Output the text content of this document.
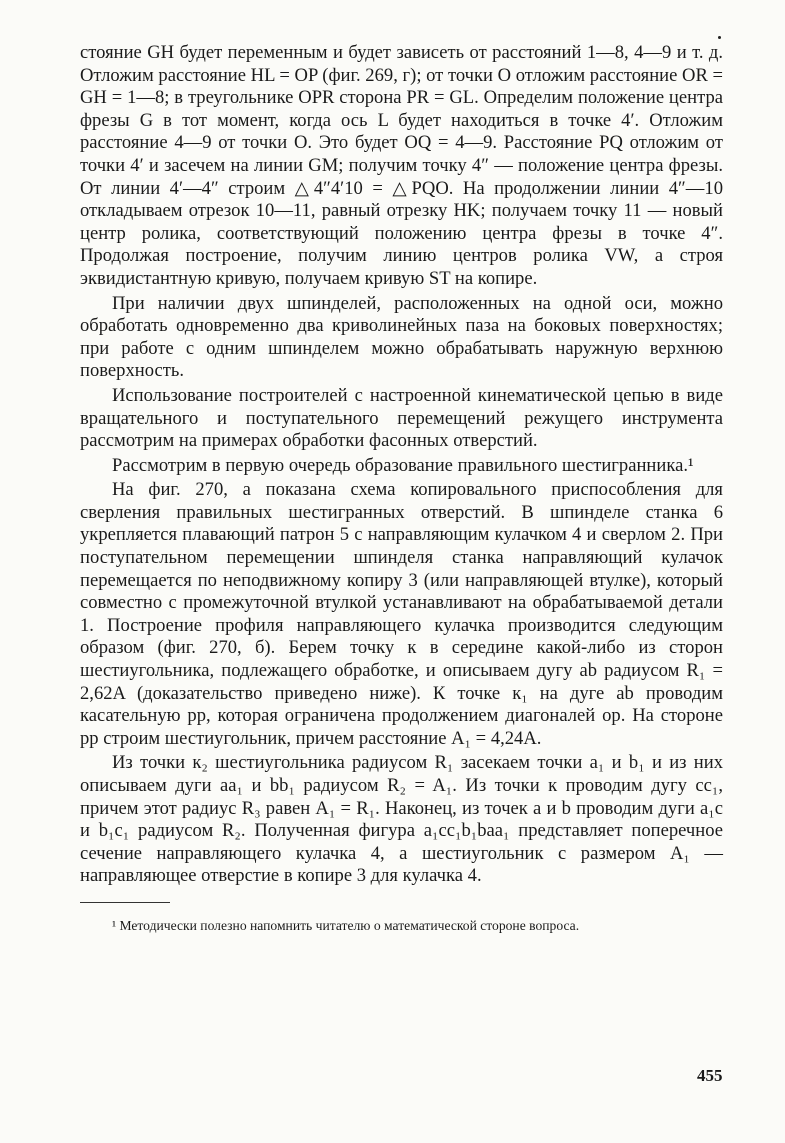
стояние GH будет переменным и будет зависеть от расстояний 1—8, 4—9 и т. д. Отложим расстояние HL = OP (фиг. 269, г); от точки O отложим расстояние OR = GH = 1—8; в треугольнике OPR сторона PR = GL. Определим положение центра фрезы G в тот момент, когда ось L будет находиться в точке 4′. Отложим расстояние 4—9 от точки O. Это будет OQ = 4—9. Расстояние PQ отложим от точки 4′ и засечем на линии GM; получим точку 4″ — положение центра фрезы. От линии 4′—4″ строим △4″4′10 = △PQO. На продолжении линии 4″—10 откладываем отрезок 10—11, равный отрезку HK; получаем точку 11 — новый центр ролика, соответствующий положению центра фрезы в точке 4″. Продолжая построение, получим линию центров ролика VW, а строя эквидистантную кривую, получаем кривую ST на копире.

При наличии двух шпинделей, расположенных на одной оси, можно обработать одновременно два криволинейных паза на боковых поверхностях; при работе с одним шпинделем можно обрабатывать наружную верхнюю поверхность.

Использование построителей с настроенной кинематической цепью в виде вращательного и поступательного перемещений режущего инструмента рассмотрим на примерах обработки фасонных отверстий.

Рассмотрим в первую очередь образование правильного шестигранника.¹

На фиг. 270, а показана схема копировального приспособления для сверления правильных шестигранных отверстий. В шпинделе станка 6 укрепляется плавающий патрон 5 с направляющим кулачком 4 и сверлом 2. При поступательном перемещении шпинделя станка направляющий кулачок перемещается по неподвижному копиру 3 (или направляющей втулке), который совместно с промежуточной втулкой устанавливают на обрабатываемой детали 1. Построение профиля направляющего кулачка производится следующим образом (фиг. 270, б). Берем точку к в середине какой-либо из сторон шестиугольника, подлежащего обработке, и описываем дугу ab радиусом R₁ = 2,62A (доказательство приведено ниже). К точке к₁ на дуге ab проводим касательную pp, которая ограничена продолжением диагоналей op. На стороне pp строим шестиугольник, причем расстояние A₁ = 4,24A.

Из точки к₂ шестиугольника радиусом R₁ засекаем точки a₁ и b₁ и из них описываем дуги aa₁ и bb₁ радиусом R₂ = A₁. Из точки к проводим дугу cc₁, причем этот радиус R₃ равен A₁ = R₁. Наконец, из точек a и b проводим дуги a₁c и b₁c₁ радиусом R₂. Полученная фигура a₁cc₁b₁baa₁ представляет поперечное сечение направляющего кулачка 4, а шестиугольник с размером A₁ — направляющее отверстие в копире 3 для кулачка 4.

¹ Методически полезно напомнить читателю о математической стороне вопроса.

455
